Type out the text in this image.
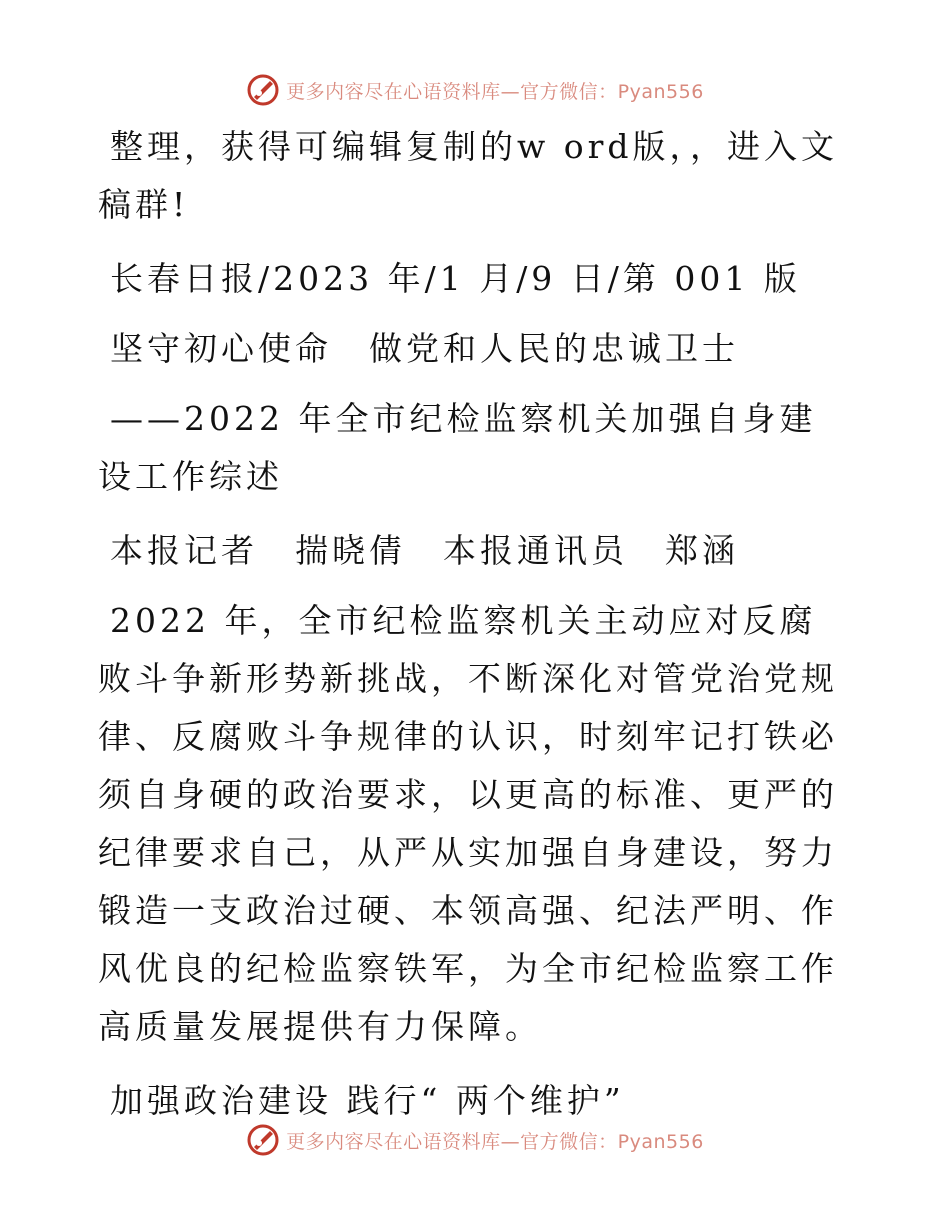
更多内容尽在心语资料库—官方微信：Pyan556

整理，获得可编辑复制的w ord版，，进入文稿群!

长春日报/2023 年/1 月/9 日/第 001 版

坚守初心使命　做党和人民的忠诚卫士

——2022 年全市纪检监察机关加强自身建设工作综述

本报记者　揣晓倩　本报通讯员　郑涵

2022 年，全市纪检监察机关主动应对反腐败斗争新形势新挑战，不断深化对管党治党规律、反腐败斗争规律的认识，时刻牢记打铁必须自身硬的政治要求，以更高的标准、更严的纪律要求自己，从严从实加强自身建设，努力锻造一支政治过硬、本领高强、纪法严明、作风优良的纪检监察铁军，为全市纪检监察工作高质量发展提供有力保障。

加强政治建设 践行“ 两个维护”

更多内容尽在心语资料库—官方微信：Pyan556
